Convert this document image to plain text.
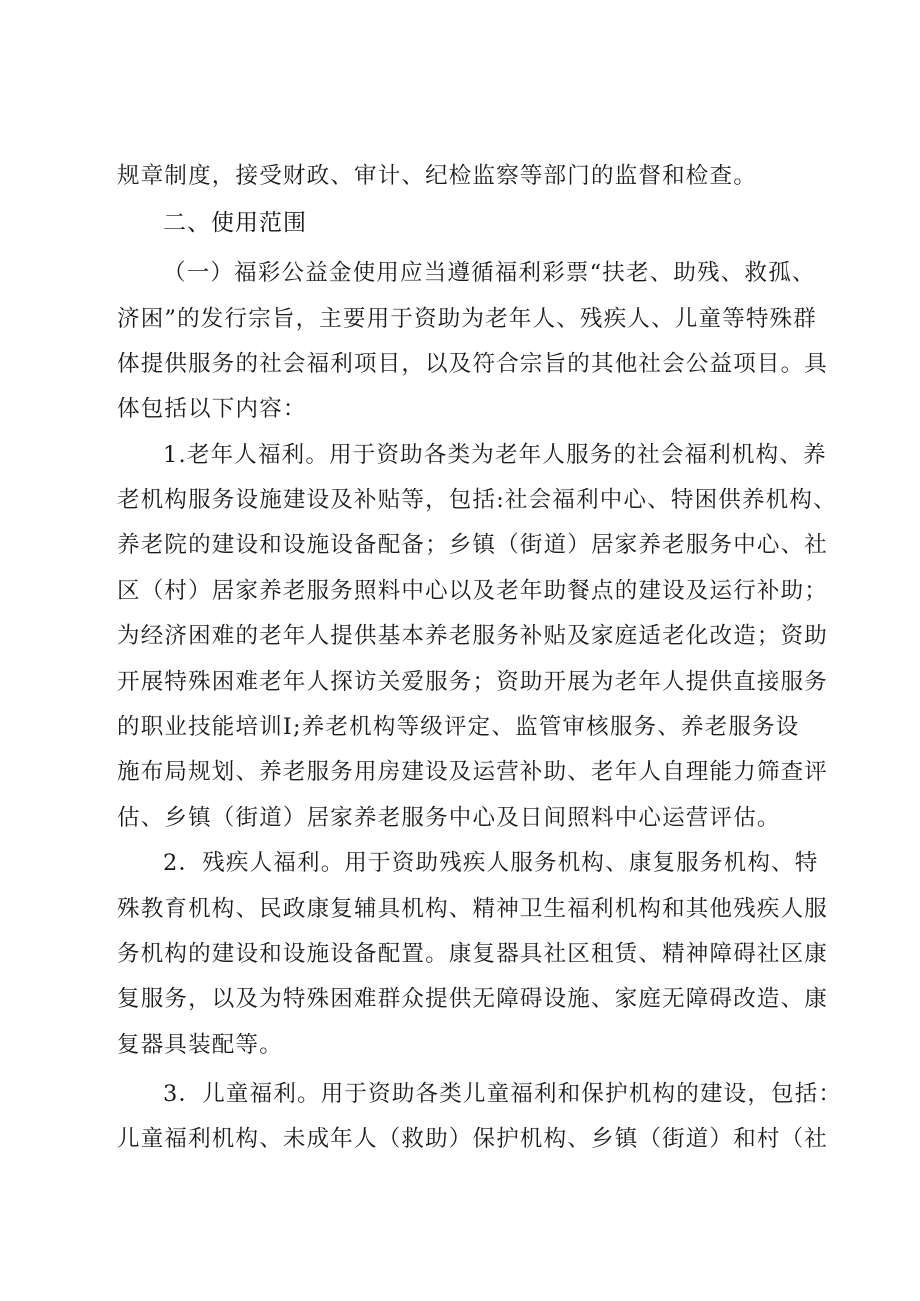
规章制度，接受财政、审计、纪检监察等部门的监督和检查。
二、使用范围
（一）福彩公益金使用应当遵循福利彩票“扶老、助残、救孤、
济困”的发行宗旨，主要用于资助为老年人、残疾人、儿童等特殊群
体提供服务的社会福利项目，以及符合宗旨的其他社会公益项目。具
体包括以下内容：
1.老年人福利。用于资助各类为老年人服务的社会福利机构、养
老机构服务设施建设及补贴等，包括:社会福利中心、特困供养机构、
养老院的建设和设施设备配备；乡镇（街道）居家养老服务中心、社
区（村）居家养老服务照料中心以及老年助餐点的建设及运行补助；
为经济困难的老年人提供基本养老服务补贴及家庭适老化改造；资助
开展特殊困难老年人探访关爱服务；资助开展为老年人提供直接服务
的职业技能培训I;养老机构等级评定、监管审核服务、养老服务设
施布局规划、养老服务用房建设及运营补助、老年人自理能力筛查评
估、乡镇（街道）居家养老服务中心及日间照料中心运营评估。
2．残疾人福利。用于资助残疾人服务机构、康复服务机构、特
殊教育机构、民政康复辅具机构、精神卫生福利机构和其他残疾人服
务机构的建设和设施设备配置。康复器具社区租赁、精神障碍社区康
复服务，以及为特殊困难群众提供无障碍设施、家庭无障碍改造、康
复器具装配等。
3．儿童福利。用于资助各类儿童福利和保护机构的建设，包括：
儿童福利机构、未成年人（救助）保护机构、乡镇（街道）和村（社
